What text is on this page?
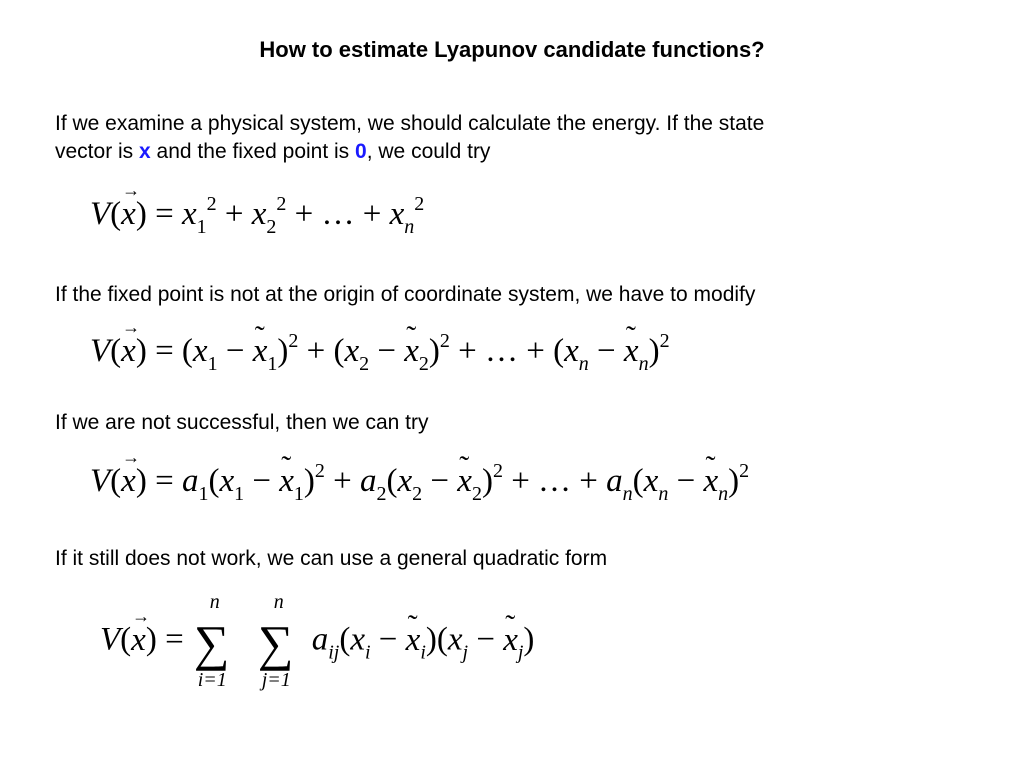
How to estimate Lyapunov candidate functions?
If we examine a physical system, we should calculate the energy. If the state
vector is x and the fixed point is 0, we could try
$V(\to x) = x_1^2 + x_2^2$ + … + $x_n^2$
If the fixed point is not at the origin of coordinate system, we have to modify
$V(\to x) = (x_1$ − ˜ $x_1)^2 + (x_2$ − ˜ $x_2)^2$ + … + ($x_n$ − ˜ $x_n)^2$
If we are not successful, then we can try
$V(\to x) = a_1(x_1$ − ˜ $x_1)^2 + a_2(x_2$ − ˜ $x_2)^2$ + … + $a_n(x_n$ − ˜ $x_n)^2$
If it still does not work, we can use a general quadratic form
V(→ x) =
n
∑
i=1
n
∑
j=1
$a_{ij}(x_i$ − ˜ $x_i)(x_j$ − ˜ $x_j$)
